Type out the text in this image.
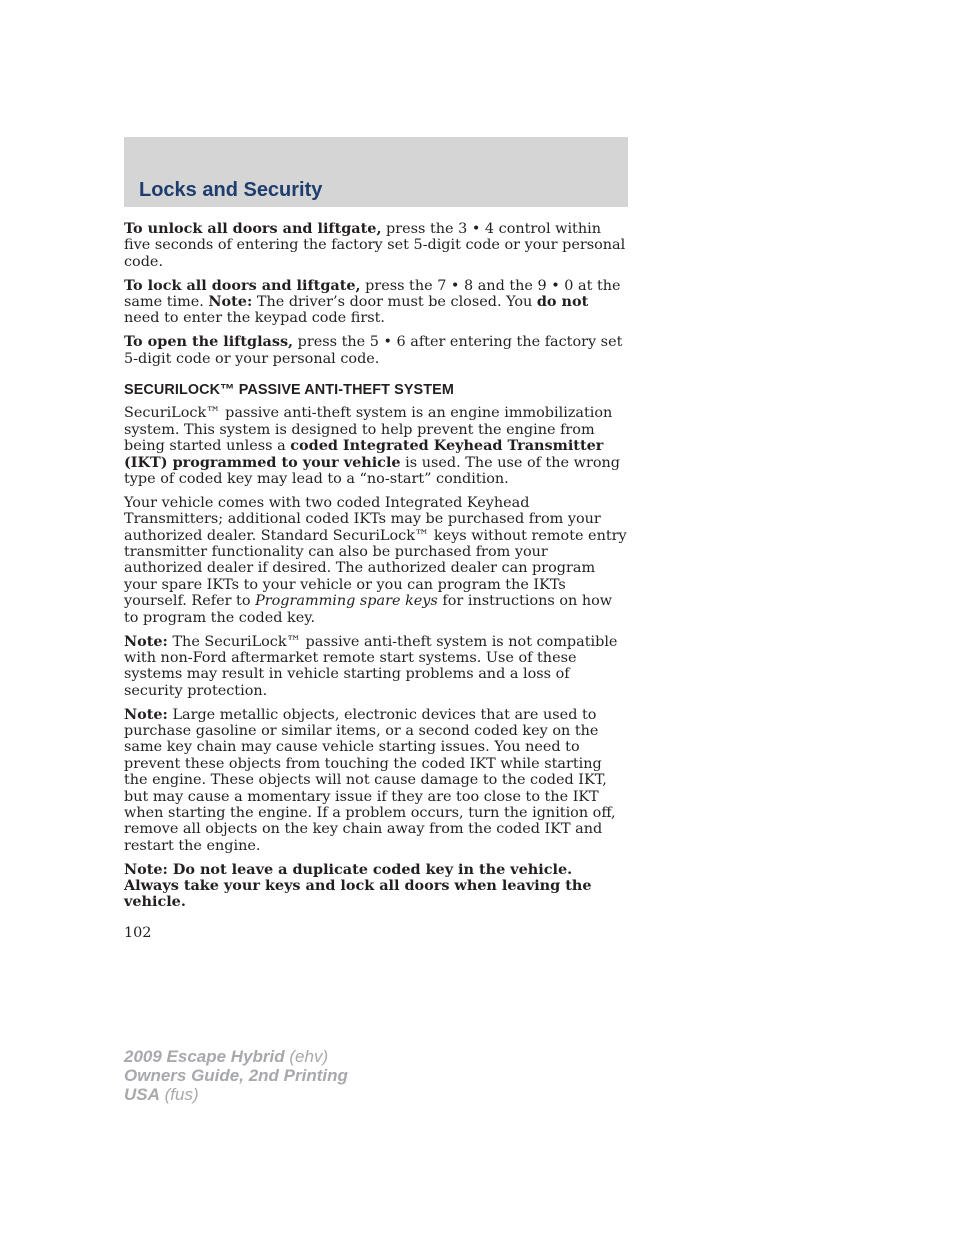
Locks and Security

To unlock all doors and liftgate, press the 3 • 4 control within five seconds of entering the factory set 5-digit code or your personal code.

To lock all doors and liftgate, press the 7 • 8 and the 9 • 0 at the same time. Note: The driver’s door must be closed. You do not need to enter the keypad code first.

To open the liftglass, press the 5 • 6 after entering the factory set 5-digit code or your personal code.

SECURILOCK™ PASSIVE ANTI-THEFT SYSTEM

SecuriLock™ passive anti-theft system is an engine immobilization system. This system is designed to help prevent the engine from being started unless a coded Integrated Keyhead Transmitter (IKT) programmed to your vehicle is used. The use of the wrong type of coded key may lead to a “no-start” condition.

Your vehicle comes with two coded Integrated Keyhead Transmitters; additional coded IKTs may be purchased from your authorized dealer. Standard SecuriLock™ keys without remote entry transmitter functionality can also be purchased from your authorized dealer if desired. The authorized dealer can program your spare IKTs to your vehicle or you can program the IKTs yourself. Refer to Programming spare keys for instructions on how to program the coded key.

Note: The SecuriLock™ passive anti-theft system is not compatible with non-Ford aftermarket remote start systems. Use of these systems may result in vehicle starting problems and a loss of security protection.

Note: Large metallic objects, electronic devices that are used to purchase gasoline or similar items, or a second coded key on the same key chain may cause vehicle starting issues. You need to prevent these objects from touching the coded IKT while starting the engine. These objects will not cause damage to the coded IKT, but may cause a momentary issue if they are too close to the IKT when starting the engine. If a problem occurs, turn the ignition off, remove all objects on the key chain away from the coded IKT and restart the engine.

Note: Do not leave a duplicate coded key in the vehicle. Always take your keys and lock all doors when leaving the vehicle.

102
2009 Escape Hybrid (ehv)
Owners Guide, 2nd Printing
USA (fus)
